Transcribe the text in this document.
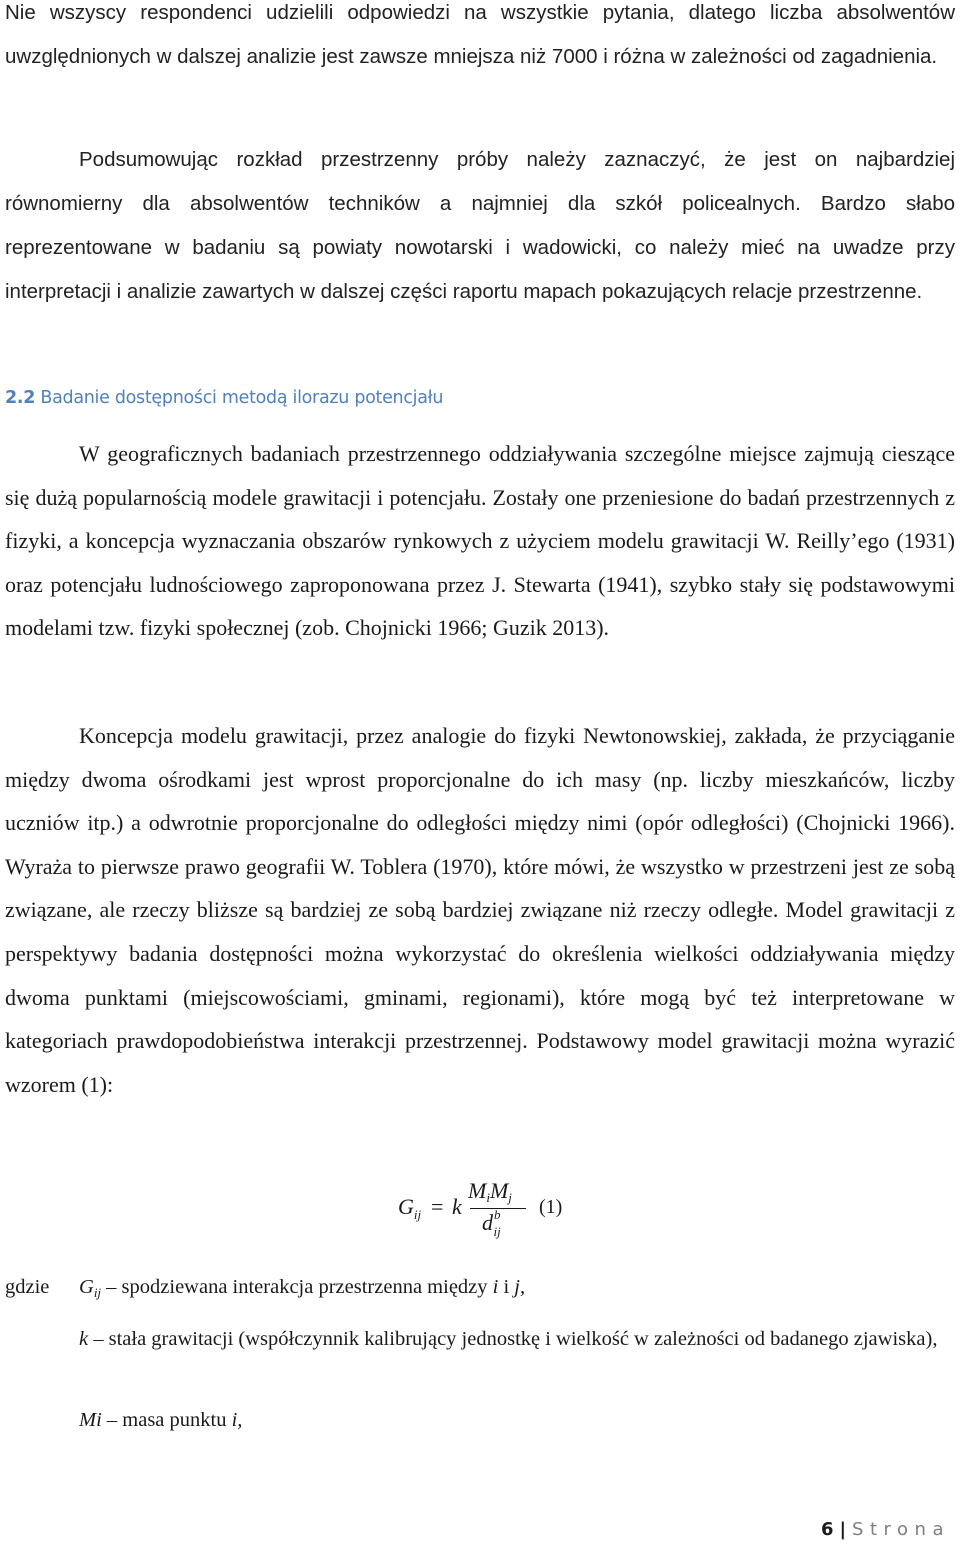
Nie wszyscy respondenci udzielili odpowiedzi na wszystkie pytania, dlatego liczba absolwentów uwzględnionych w dalszej analizie jest zawsze mniejsza niż 7000 i różna w zależności od zagadnienia.

Podsumowując rozkład przestrzenny próby należy zaznaczyć, że jest on najbardziej równomierny dla absolwentów techników a najmniej dla szkół policealnych. Bardzo słabo reprezentowane w badaniu są powiaty nowotarski i wadowicki, co należy mieć na uwadze przy interpretacji i analizie zawartych w dalszej części raportu mapach pokazujących relacje przestrzenne.

2.2 Badanie dostępności metodą ilorazu potencjału

W geograficznych badaniach przestrzennego oddziaływania szczególne miejsce zajmują cieszące się dużą popularnością modele grawitacji i potencjału. Zostały one przeniesione do badań przestrzennych z fizyki, a koncepcja wyznaczania obszarów rynkowych z użyciem modelu grawitacji W. Reilly’ego (1931) oraz potencjału ludnościowego zaproponowana przez J. Stewarta (1941), szybko stały się podstawowymi modelami tzw. fizyki społecznej (zob. Chojnicki 1966; Guzik 2013).

Koncepcja modelu grawitacji, przez analogie do fizyki Newtonowskiej, zakłada, że przyciąganie między dwoma ośrodkami jest wprost proporcjonalne do ich masy (np. liczby mieszkańców, liczby uczniów itp.) a odwrotnie proporcjonalne do odległości między nimi (opór odległości) (Chojnicki 1966). Wyraża to pierwsze prawo geografii W. Toblera (1970), które mówi, że wszystko w przestrzeni jest ze sobą związane, ale rzeczy bliższe są bardziej ze sobą bardziej związane niż rzeczy odległe. Model grawitacji z perspektywy badania dostępności można wykorzystać do określenia wielkości oddziaływania między dwoma punktami (miejscowościami, gminami, regionami), które mogą być też interpretowane w kategoriach prawdopodobieństwa interakcji przestrzennej. Podstawowy model grawitacji można wyrazić wzorem (1):

$G_{ij} = k$
$M_iM_j$
$d^b_{ij}$
(1)

gdzie $G_{ij}$ – spodziewana interakcja przestrzenna między i i j,

k – stała grawitacji (współczynnik kalibrujący jednostkę i wielkość w zależności od badanego zjawiska),

Mi – masa punktu i,

6 | Strona
